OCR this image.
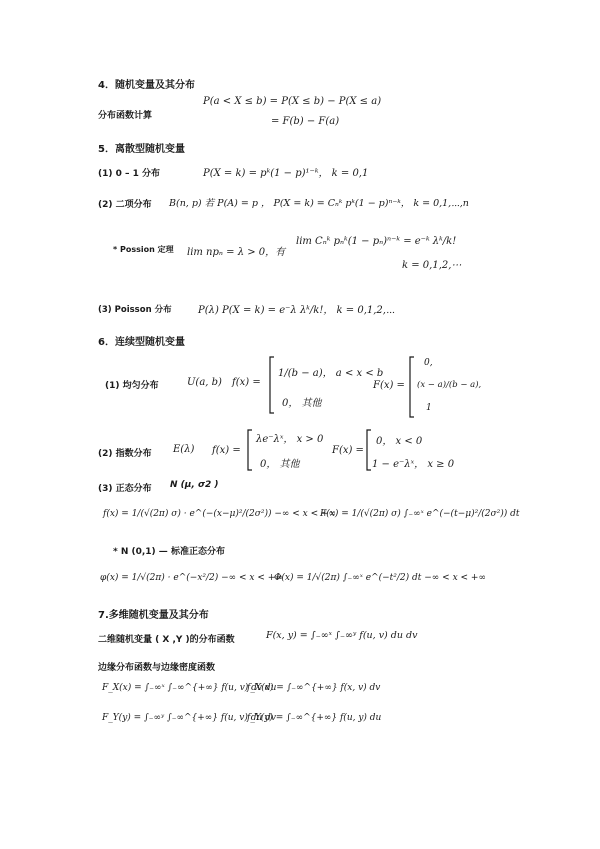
4．随机变量及其分布
分布函数计算
P(a < X ≤ b) = P(X ≤ b) − P(X ≤ a)
= F(b) − F(a)
5．离散型随机变量
(1) 0 – 1 分布	P(X = k) = pᵏ(1 − p)¹⁻ᵏ， k = 0,1
(2) 二项分布 B(n, p) 若 P(A) = p ， P(X = k) = Cₙᵏ pᵏ(1 − p)ⁿ⁻ᵏ， k = 0,1,⋯,n
* Possion 定理 lim npₙ = λ > 0，有
lim Cₙᵏ pₙᵏ(1 − pₙ)ⁿ⁻ᵏ = e⁻ᵏ λᵏ/k!
k = 0,1,2,⋯
(3) Poisson 分布	P(λ) P(X = k) = e⁻λ λᵏ/k!， k = 0,1,2,⋯
6．连续型随机变量
(1) 均匀分布	U(a, b) f(x) =
1/(b − a)， a < x < b
0， 其他
F(x) =
0,
(x − a)/(b − a),
1
(2) 指数分布 E(λ) f(x) =
λe⁻λˣ， x > 0
0， 其他
F(x) =
0， x < 0
1 − e⁻λˣ， x ≥ 0
(3) 正态分布 N (μ, σ2 )
f(x) = 1/(√(2π) σ) · e^(−(x−μ)²/(2σ²)) −∞ < x < +∞
F(x) = 1/(√(2π) σ) ∫₋∞ˣ e^(−(t−μ)²/(2σ²)) dt
* N (0,1) — 标准正态分布
φ(x) = 1/√(2π) · e^(−x²/2) −∞ < x < +∞
Φ(x) = 1/√(2π) ∫₋∞ˣ e^(−t²/2) dt −∞ < x < +∞
7.多维随机变量及其分布
二维随机变量 ( X ,Y )的分布函数	F(x, y) = ∫₋∞ˣ ∫₋∞ʸ f(u, v) du dv
边缘分布函数与边缘密度函数
F_X(x) = ∫₋∞ˣ ∫₋∞^{+∞} f(u, v) dv du
f_X(x) = ∫₋∞^{+∞} f(x, v) dv
F_Y(y) = ∫₋∞ʸ ∫₋∞^{+∞} f(u, v) du dv
f_Y(y) = ∫₋∞^{+∞} f(u, y) du
